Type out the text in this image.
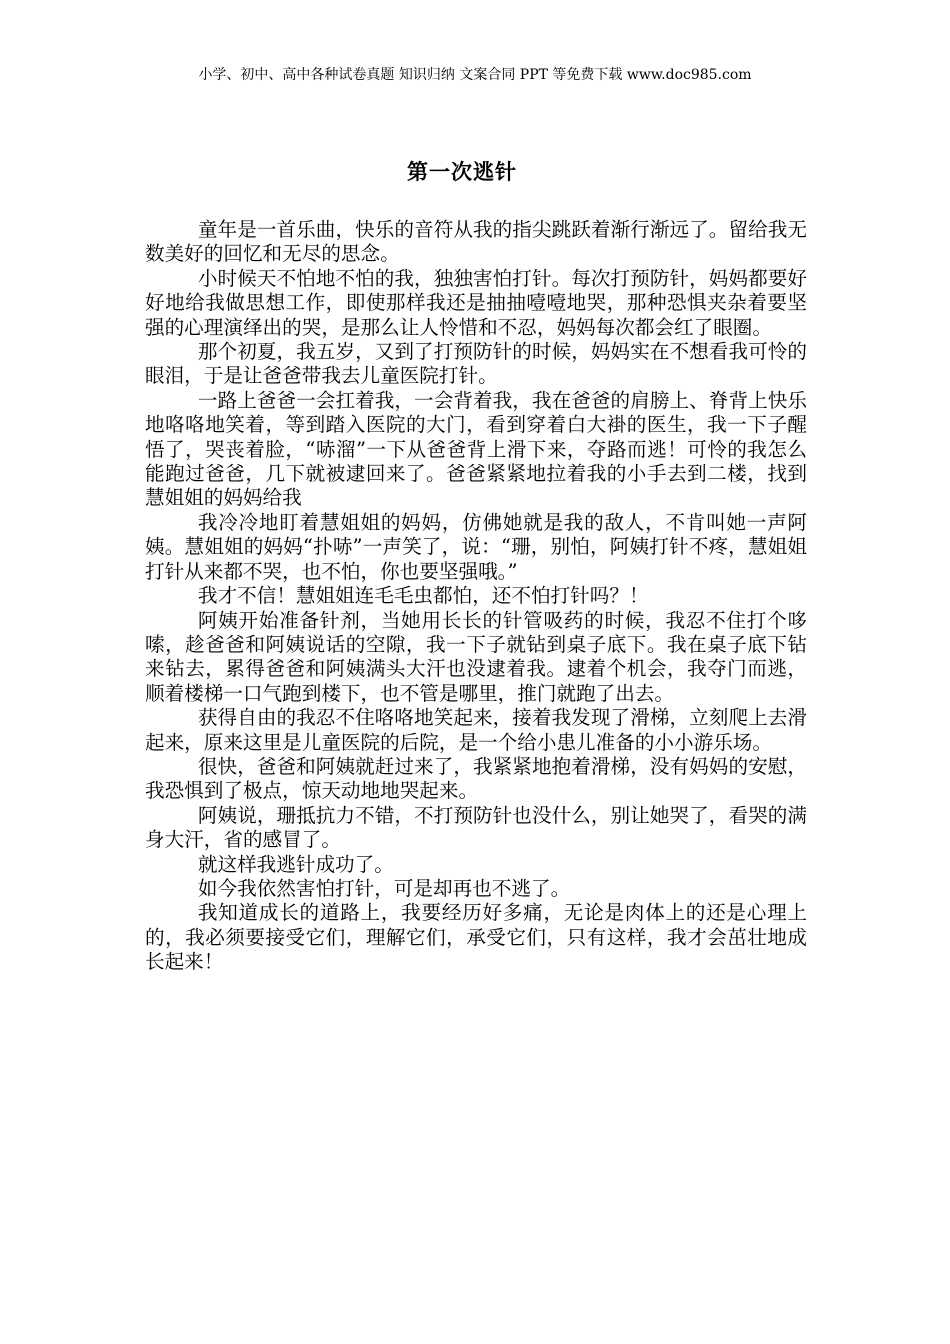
小学、初中、高中各种试卷真题 知识归纳 文案合同 PPT 等免费下载 www.doc985.com
第一次逃针

童年是一首乐曲，快乐的音符从我的指尖跳跃着渐行渐远了。留给我无数美好的回忆和无尽的思念。

小时候天不怕地不怕的我，独独害怕打针。每次打预防针，妈妈都要好好地给我做思想工作，即使那样我还是抽抽噎噎地哭，那种恐惧夹杂着要坚强的心理演绎出的哭，是那么让人怜惜和不忍，妈妈每次都会红了眼圈。

那个初夏，我五岁，又到了打预防针的时候，妈妈实在不想看我可怜的眼泪，于是让爸爸带我去儿童医院打针。

一路上爸爸一会扛着我，一会背着我，我在爸爸的肩膀上、脊背上快乐地咯咯地笑着，等到踏入医院的大门，看到穿着白大褂的医生，我一下子醒悟了，哭丧着脸，“哧溜”一下从爸爸背上滑下来，夺路而逃！可怜的我怎么能跑过爸爸，几下就被逮回来了。爸爸紧紧地拉着我的小手去到二楼，找到慧姐姐的妈妈给我

我冷冷地盯着慧姐姐的妈妈，仿佛她就是我的敌人，不肯叫她一声阿姨。慧姐姐的妈妈“扑哧”一声笑了，说：“珊，别怕，阿姨打针不疼，慧姐姐打针从来都不哭，也不怕，你也要坚强哦。”

我才不信！慧姐姐连毛毛虫都怕，还不怕打针吗？！

阿姨开始准备针剂，当她用长长的针管吸药的时候，我忍不住打个哆嗦，趁爸爸和阿姨说话的空隙，我一下子就钻到桌子底下。我在桌子底下钻来钻去，累得爸爸和阿姨满头大汗也没逮着我。逮着个机会，我夺门而逃，顺着楼梯一口气跑到楼下，也不管是哪里，推门就跑了出去。

获得自由的我忍不住咯咯地笑起来，接着我发现了滑梯，立刻爬上去滑起来，原来这里是儿童医院的后院，是一个给小患儿准备的小小游乐场。

很快，爸爸和阿姨就赶过来了，我紧紧地抱着滑梯，没有妈妈的安慰，我恐惧到了极点，惊天动地地哭起来。

阿姨说，珊抵抗力不错，不打预防针也没什么，别让她哭了，看哭的满身大汗，省的感冒了。

就这样我逃针成功了。

如今我依然害怕打针，可是却再也不逃了。

我知道成长的道路上，我要经历好多痛，无论是肉体上的还是心理上的，我必须要接受它们，理解它们，承受它们，只有这样，我才会茁壮地成长起来！
